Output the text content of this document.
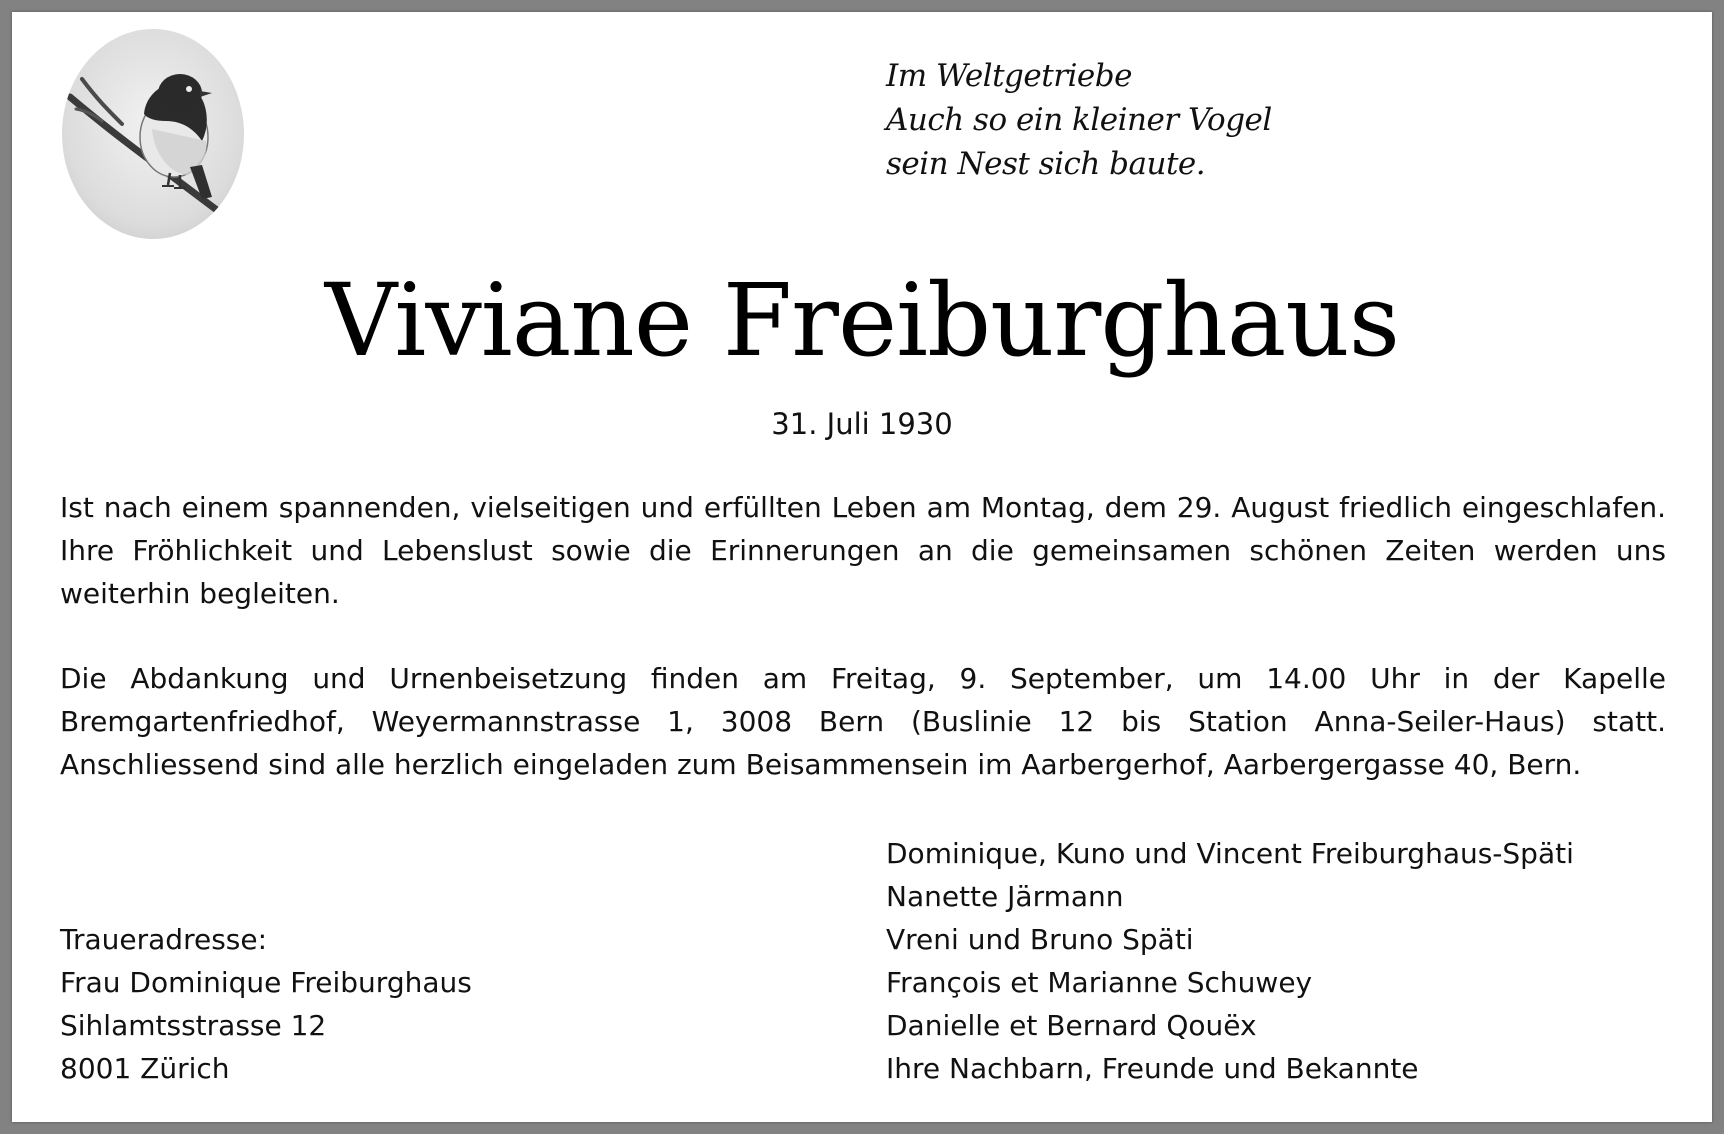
Im Weltgetriebe
Auch so ein kleiner Vogel
sein Nest sich baute.
Viviane Freiburghaus
31. Juli 1930
Ist nach einem spannenden, vielseitigen und erfüllten Leben am Montag, dem 29. August friedlich eingeschlafen. Ihre Fröhlichkeit und Lebenslust sowie die Erinnerungen an die gemeinsamen schönen Zeiten werden uns weiterhin begleiten.
Die Abdankung und Urnenbeisetzung finden am Freitag, 9. September, um 14.00 Uhr in der Kapelle Bremgartenfriedhof, Weyermannstrasse 1, 3008 Bern (Buslinie 12 bis Station Anna-Seiler-Haus) statt. Anschliessend sind alle herzlich eingeladen zum Beisammensein im Aarbergerhof, Aarbergergasse 40, Bern.
Traueradresse:
Frau Dominique Freiburghaus
Sihlamtsstrasse 12
8001 Zürich
Dominique, Kuno und Vincent Freiburghaus-Späti
Nanette Järmann
Vreni und Bruno Späti
François et Marianne Schuwey
Danielle et Bernard Qouëx
Ihre Nachbarn, Freunde und Bekannte
